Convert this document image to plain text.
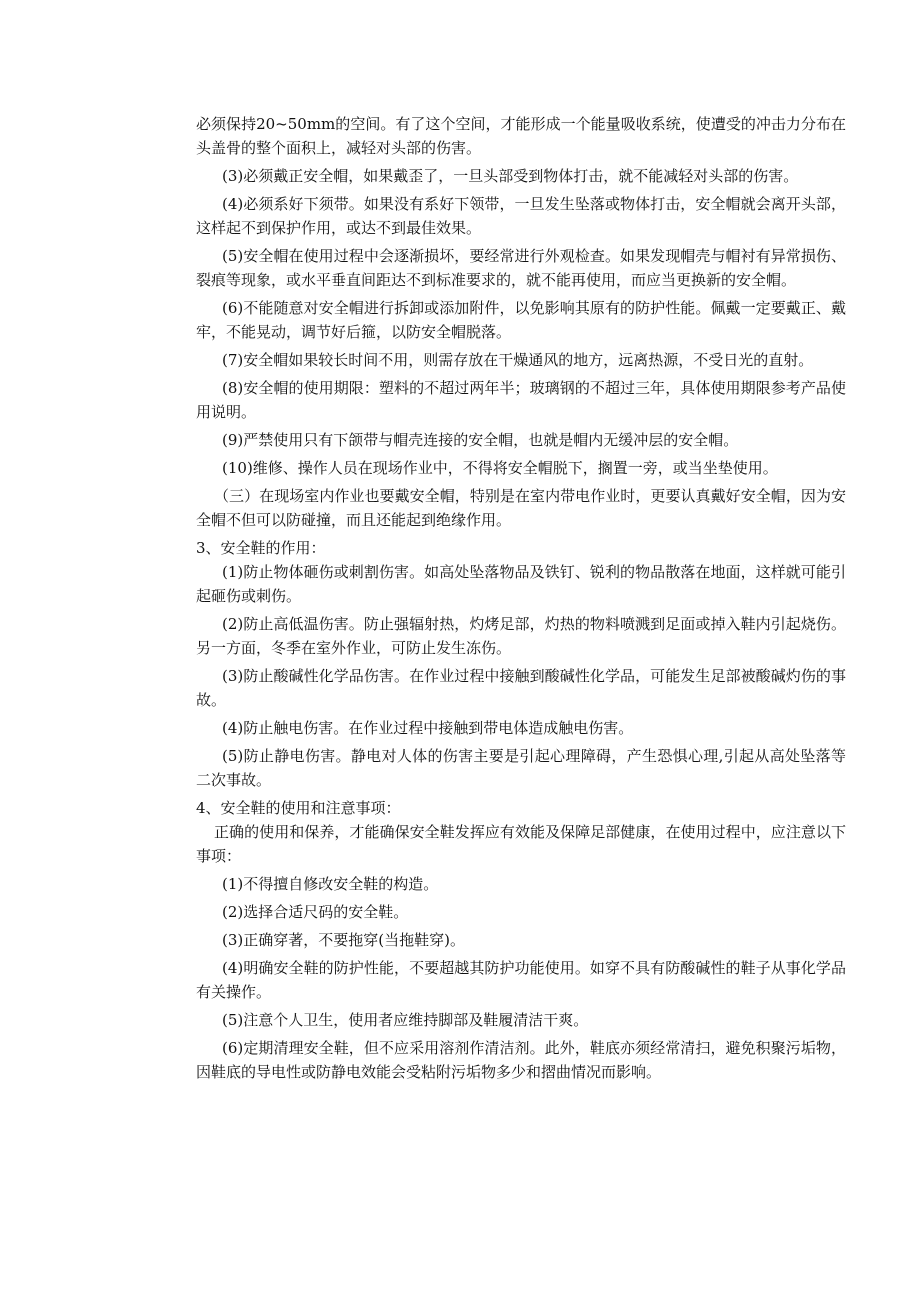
必须保持20~50mm的空间。有了这个空间，才能形成一个能量吸收系统，使遭受的冲击力分布在头盖骨的整个面积上，减轻对头部的伤害。

(3)必须戴正安全帽，如果戴歪了，一旦头部受到物体打击，就不能减轻对头部的伤害。

(4)必须系好下须带。如果没有系好下领带，一旦发生坠落或物体打击，安全帽就会离开头部，这样起不到保护作用，或达不到最佳效果。

(5)安全帽在使用过程中会逐渐损坏，要经常进行外观检查。如果发现帽壳与帽衬有异常损伤、裂痕等现象，或水平垂直间距达不到标准要求的，就不能再使用，而应当更换新的安全帽。

(6)不能随意对安全帽进行拆卸或添加附件，以免影响其原有的防护性能。佩戴一定要戴正、戴牢，不能晃动，调节好后箍，以防安全帽脱落。

(7)安全帽如果较长时间不用，则需存放在干燥通风的地方，远离热源，不受日光的直射。

(8)安全帽的使用期限：塑料的不超过两年半；玻璃钢的不超过三年，具体使用期限参考产品使用说明。

(9)严禁使用只有下颌带与帽壳连接的安全帽，也就是帽内无缓冲层的安全帽。

(10)维修、操作人员在现场作业中，不得将安全帽脱下，搁置一旁，或当坐垫使用。

（三）在现场室内作业也要戴安全帽，特别是在室内带电作业时，更要认真戴好安全帽，因为安全帽不但可以防碰撞，而且还能起到绝缘作用。

3、安全鞋的作用：

(1)防止物体砸伤或刺割伤害。如高处坠落物品及铁钉、锐利的物品散落在地面，这样就可能引起砸伤或刺伤。

(2)防止高低温伤害。防止强辐射热，灼烤足部，灼热的物料喷溅到足面或掉入鞋内引起烧伤。另一方面，冬季在室外作业，可防止发生冻伤。

(3)防止酸碱性化学品伤害。在作业过程中接触到酸碱性化学品，可能发生足部被酸碱灼伤的事故。

(4)防止触电伤害。在作业过程中接触到带电体造成触电伤害。

(5)防止静电伤害。静电对人体的伤害主要是引起心理障碍，产生恐惧心理,引起从高处坠落等二次事故。

4、安全鞋的使用和注意事项：

正确的使用和保养，才能确保安全鞋发挥应有效能及保障足部健康，在使用过程中，应注意以下事项：

(1)不得擅自修改安全鞋的构造。

(2)选择合适尺码的安全鞋。

(3)正确穿著，不要拖穿(当拖鞋穿)。

(4)明确安全鞋的防护性能，不要超越其防护功能使用。如穿不具有防酸碱性的鞋子从事化学品有关操作。

(5)注意个人卫生，使用者应维持脚部及鞋履清洁干爽。

(6)定期清理安全鞋，但不应采用溶剂作清洁剂。此外，鞋底亦须经常清扫，避免积聚污垢物，因鞋底的导电性或防静电效能会受粘附污垢物多少和摺曲情况而影响。
